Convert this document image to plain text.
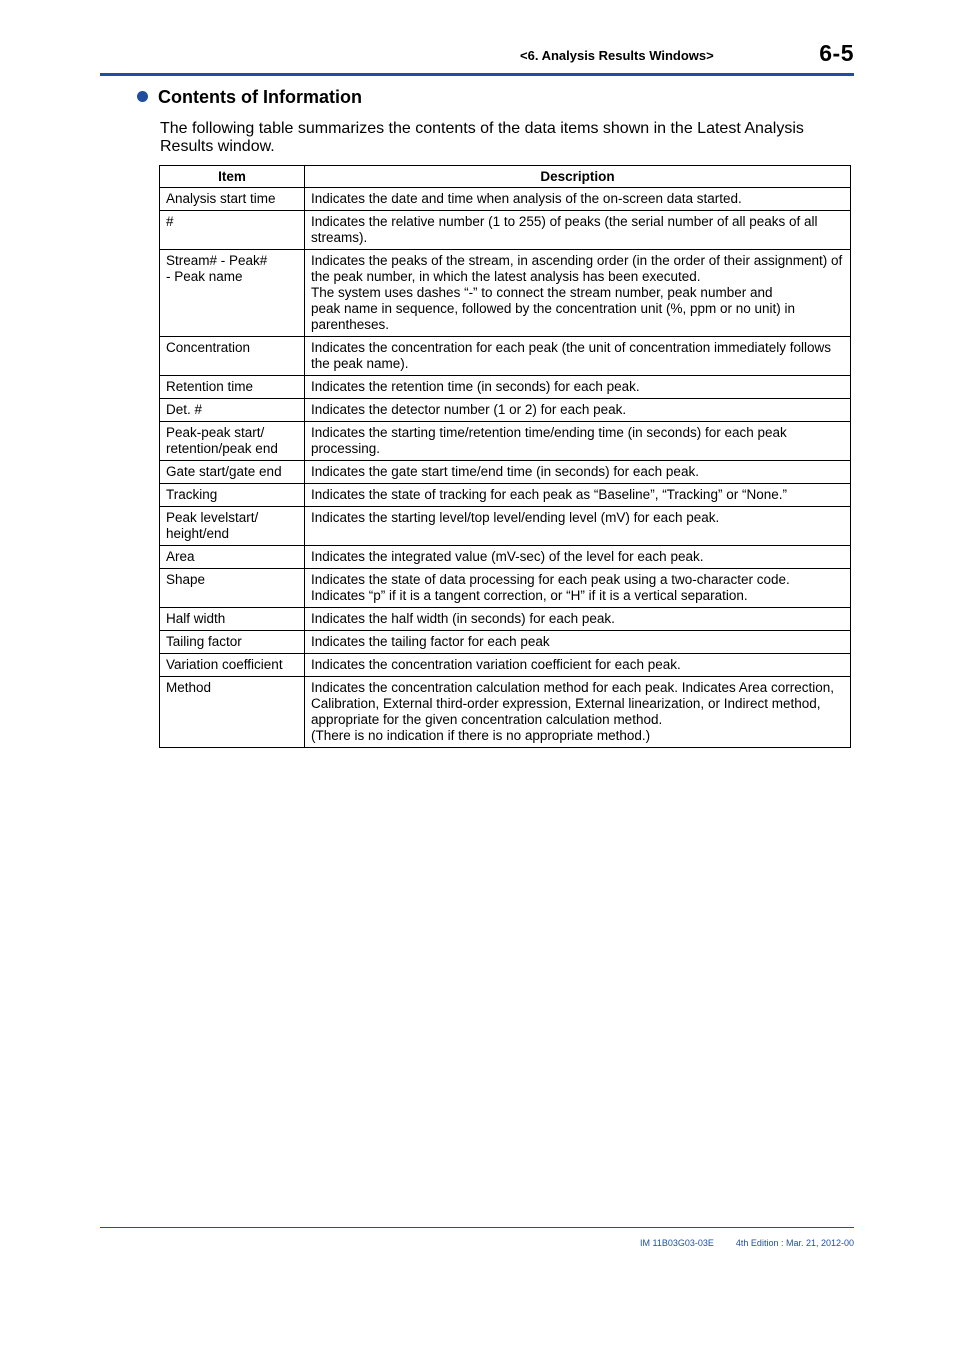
<6. Analysis Results Windows>	6-5
Contents of Information
The following table summarizes the contents of the data items shown in the Latest Analysis Results window.
Item	Description
Analysis start time	Indicates the date and time when analysis of the on-screen data started.
#	Indicates the relative number (1 to 255) of peaks (the serial number of all peaks of all streams).
Stream# - Peak#
- Peak name	Indicates the peaks of the stream, in ascending order (in the order of their assignment) of the peak number, in which the latest analysis has been executed.
The system uses dashes “-” to connect the stream number, peak number and
peak name in sequence, followed by the concentration unit (%, ppm or no unit) in parentheses.
Concentration	Indicates the concentration for each peak (the unit of concentration immediately follows the peak name).
Retention time	Indicates the retention time (in seconds) for each peak.
Det. #	Indicates the detector number (1 or 2) for each peak.
Peak-peak start/
retention/peak end	Indicates the starting time/retention time/ending time (in seconds) for each peak processing.
Gate start/gate end	Indicates the gate start time/end time (in seconds) for each peak.
Tracking	Indicates the state of tracking for each peak as “Baseline”, “Tracking” or “None.”
Peak levelstart/
height/end	Indicates the starting level/top level/ending level (mV) for each peak.
Area	Indicates the integrated value (mV-sec) of the level for each peak.
Shape	Indicates the state of data processing for each peak using a two-character code.
Indicates “p” if it is a tangent correction, or “H” if it is a vertical separation.
Half width	Indicates the half width (in seconds) for each peak.
Tailing factor	Indicates the tailing factor for each peak
Variation coefficient	Indicates the concentration variation coefficient for each peak.
Method	Indicates the concentration calculation method for each peak. Indicates Area correction, Calibration, External third-order expression, External linearization, or Indirect method, appropriate for the given concentration calculation method.
(There is no indication if there is no appropriate method.)
IM 11B03G03-03E 4th Edition : Mar. 21, 2012-00
